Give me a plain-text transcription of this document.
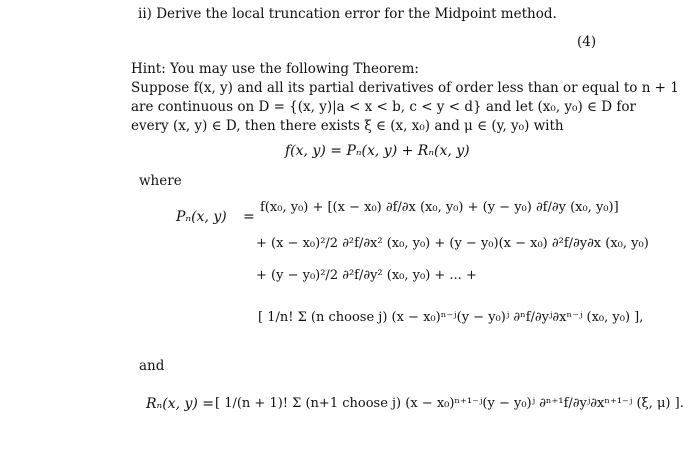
ii) Derive the local truncation error for the Midpoint method.
(4)
Hint: You may use the following Theorem:
Suppose f(x, y) and all its partial derivatives of order less than or equal to n + 1
are continuous on D = {(x, y)|a < x < b, c < y < d} and let (x₀, y₀) ∈ D for
every (x, y) ∈ D, then there exists ξ ∈ (x, x₀) and μ ∈ (y, y₀) with
f(x, y) = Pₙ(x, y) + Rₙ(x, y)
where
Pₙ(x, y) =
f(x₀, y₀) + [(x − x₀) ∂f/∂x (x₀, y₀) + (y − y₀) ∂f/∂y (x₀, y₀)]
+ (x − x₀)²/2 ∂²f/∂x² (x₀, y₀) + (y − y₀)(x − x₀) ∂²f/∂y∂x (x₀, y₀)
+ (y − y₀)²/2 ∂²f/∂y² (x₀, y₀) + ... +
[ 1/n! Σ (n choose j) (x − x₀)ⁿ⁻ʲ(y − y₀)ʲ ∂ⁿf/∂yʲ∂xⁿ⁻ʲ (x₀, y₀) ],
and
Rₙ(x, y) = [ 1/(n + 1)! Σ (n+1 choose j) (x − x₀)ⁿ⁺¹⁻ʲ(y − y₀)ʲ ∂ⁿ⁺¹f/∂yʲ∂xⁿ⁺¹⁻ʲ (ξ, μ) ].
